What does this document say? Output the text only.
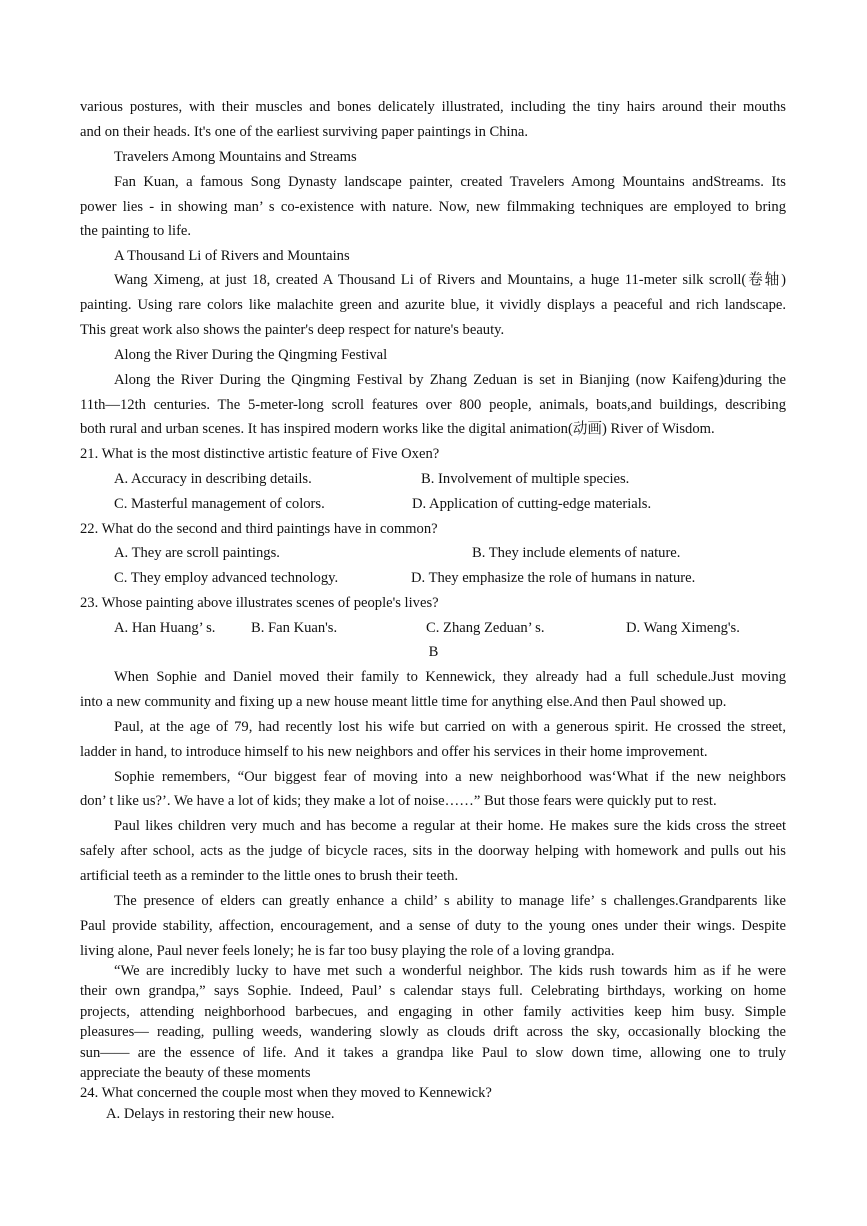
various postures, with their muscles and bones delicately illustrated, including the tiny hairs around their mouths
and on their heads. It's one of the earliest surviving paper paintings in China.
Travelers Among Mountains and Streams
Fan Kuan, a famous Song Dynasty landscape painter, created Travelers Among Mountains andStreams. Its
power lies - in showing man’ s co-existence with nature. Now, new filmmaking techniques are employed to bring
the painting to life.
A Thousand Li of Rivers and Mountains
Wang Ximeng, at just 18, created A Thousand Li of Rivers and Mountains, a huge 11-meter silk scroll(卷轴)
painting. Using rare colors like malachite green and azurite blue, it vividly displays a peaceful and rich landscape.
This great work also shows the painter's deep respect for nature's beauty.
Along the River During the Qingming Festival
Along the River During the Qingming Festival by Zhang Zeduan is set in Bianjing (now Kaifeng)during the
11th—12th centuries. The 5-meter-long scroll features over 800 people, animals, boats,and buildings, describing
both rural and urban scenes. It has inspired modern works like the digital animation(动画) River of Wisdom.
21. What is the most distinctive artistic feature of Five Oxen?
A. Accuracy in describing details.	B. Involvement of multiple species.
C. Masterful management of colors.	D. Application of cutting-edge materials.
22. What do the second and third paintings have in common?
A. They are scroll paintings.	B. They include elements of nature.
C. They employ advanced technology.	D. They emphasize the role of humans in nature.
23. Whose painting above illustrates scenes of people's lives?
A. Han Huang’ s. B. Fan Kuan's.	C. Zhang Zeduan’ s.	D. Wang Ximeng's.
B
When Sophie and Daniel moved their family to Kennewick, they already had a full schedule.Just moving
into a new community and fixing up a new house meant little time for anything else.And then Paul showed up.
Paul, at the age of 79, had recently lost his wife but carried on with a generous spirit. He crossed the street,
ladder in hand, to introduce himself to his new neighbors and offer his services in their home improvement.
Sophie remembers, “Our biggest fear of moving into a new neighborhood was‘What if the new neighbors
don’ t like us?’. We have a lot of kids; they make a lot of noise……” But those fears were quickly put to rest.
Paul likes children very much and has become a regular at their home. He makes sure the kids cross the street
safely after school, acts as the judge of bicycle races, sits in the doorway helping with homework and pulls out his
artificial teeth as a reminder to the little ones to brush their teeth.
The presence of elders can greatly enhance a child’ s ability to manage life’ s challenges.Grandparents like
Paul provide stability, affection, encouragement, and a sense of duty to the young ones under their wings. Despite
living alone, Paul never feels lonely; he is far too busy playing the role of a loving grandpa.
“We are incredibly lucky to have met such a wonderful neighbor. The kids rush towards him as if he were
their own grandpa,” says Sophie. Indeed, Paul’ s calendar stays full. Celebrating birthdays, working on home
projects, attending neighborhood barbecues, and engaging in other family activities keep him busy. Simple
pleasures— reading, pulling weeds, wandering slowly as clouds drift across the sky, occasionally blocking the
sun—— are the essence of life. And it takes a grandpa like Paul to slow down time, allowing one to truly
appreciate the beauty of these moments
24. What concerned the couple most when they moved to Kennewick?
A. Delays in restoring their new house.
